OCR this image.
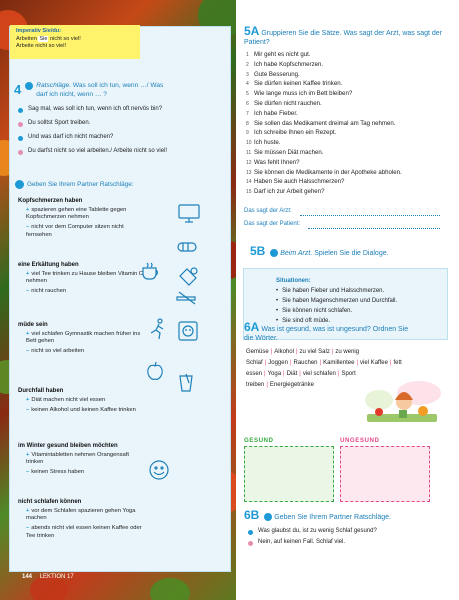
Imperativ Sie/du:
Arbeiten Sie nicht so viel!
Arbeite nicht so viel!
4 Ratschläge. Was soll ich tun, wenn …/ Was darf ich nicht, wenn … ?
Sag mal, was soll ich tun, wenn ich oft nervös bin?
Du solltst Sport treiben.
Und was darf ich nicht machen?
Du darfst nicht so viel arbeiten./ Arbeite nicht so viel!
Geben Sie Ihrem Partner Ratschläge:
Kopfschmerzen haben
+ spazieren gehen eine Tablette gegen Kopfschmerzen nehmen
– nicht vor dem Computer sitzen nicht fernsehen
eine Erkältung haben
+ viel Tee trinken zu Hause bleiben Vitamin C nehmen
– nicht rauchen
müde sein
+ viel schlafen Gymnastik machen früher ins Bett gehen
– nicht so viel arbeiten
Durchfall haben
+ Diät machen nicht viel essen
– keinen Alkohol und keinen Kaffee trinken
im Winter gesund bleiben möchten
+ Vitamintabletten nehmen Orangensaft trinken
– keinen Stress haben
nicht schlafen können
+ vor dem Schlafen spazieren gehen Yoga machen
– abends nicht viel essen keinen Kaffee oder Tee trinken
144 LEKTION 17
5A Gruppieren Sie die Sätze. Was sagt der Arzt, was sagt der Patient?
1 Mir geht es nicht gut.
2 Ich habe Kopfschmerzen.
3 Gute Besserung.
4 Sie dürfen keinen Kaffee trinken.
5 Wie lange muss ich im Bett bleiben?
6 Sie dürfen nicht rauchen.
7 Ich habe Fieber.
8 Sie sollen das Medikament dreimal am Tag nehmen.
9 Ich schreibe Ihnen ein Rezept.
10 Ich huste.
11 Sie müssen Diät machen.
12 Was fehlt Ihnen?
13 Sie können die Medikamente in der Apotheke abholen.
14 Haben Sie auch Halsschmerzen?
15 Darf ich zur Arbeit gehen?
Das sagt der Arzt:
Das sagt der Patient:
5B Beim Arzt. Spielen Sie die Dialoge.
Situationen:
• Sie haben Fieber und Halsschmerzen.
• Sie haben Magenschmerzen und Durchfall.
• Sie können nicht schlafen.
• Sie sind oft müde.
6A Was ist gesund, was ist ungesund? Ordnen Sie die Wörter.
Gemüse | Alkohol | zu viel Salz | zu wenig Schlaf | Joggen | Rauchen | Kamillentee | viel Kaffee | fett essen | Yoga | Diät | viel schlafen | Sport treiben | Energiegetränke
GESUND	UNGESUND
6B Geben Sie Ihrem Partner Ratschläge.
Was glaubst du, ist zu wenig Schlaf gesund?
Nein, auf keinen Fall. Schlaf viel.
